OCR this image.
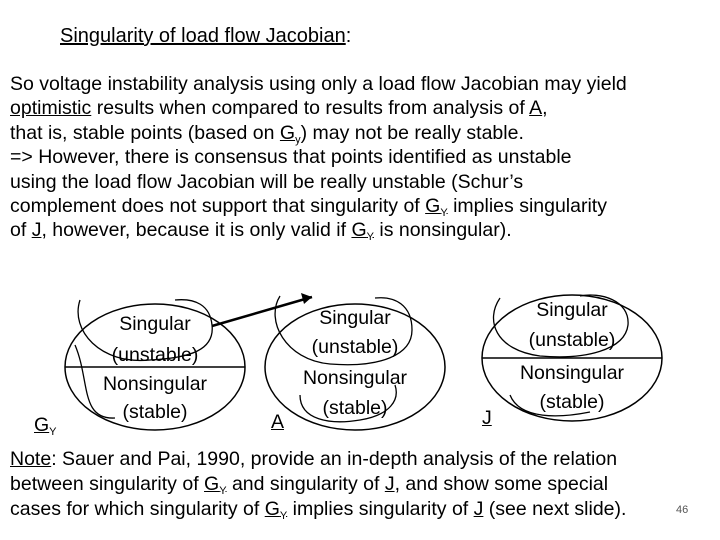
Singularity of load flow Jacobian:
So voltage instability analysis using only a load flow Jacobian may yield
optimistic results when compared to results from analysis of A,
that is, stable points (based on $G_y$) may not be really stable.
=> However, there is consensus that points identified as unstable
using the load flow Jacobian will be really unstable (Schur’s
complement does not support that singularity of $G_Y$ implies singularity
of J, however, because it is only valid if $G_Y$ is nonsingular).
Singular
(unstable)
Nonsingular
(stable)
$G_Y$
Singular
(unstable)
Nonsingular
(stable)
A
Singular
(unstable)
Nonsingular
(stable)
J
Note: Sauer and Pai, 1990, provide an in-depth analysis of the relation
between singularity of $G_Y$ and singularity of J, and show some special
cases for which singularity of $G_Y$ implies singularity of J (see next slide).	46
